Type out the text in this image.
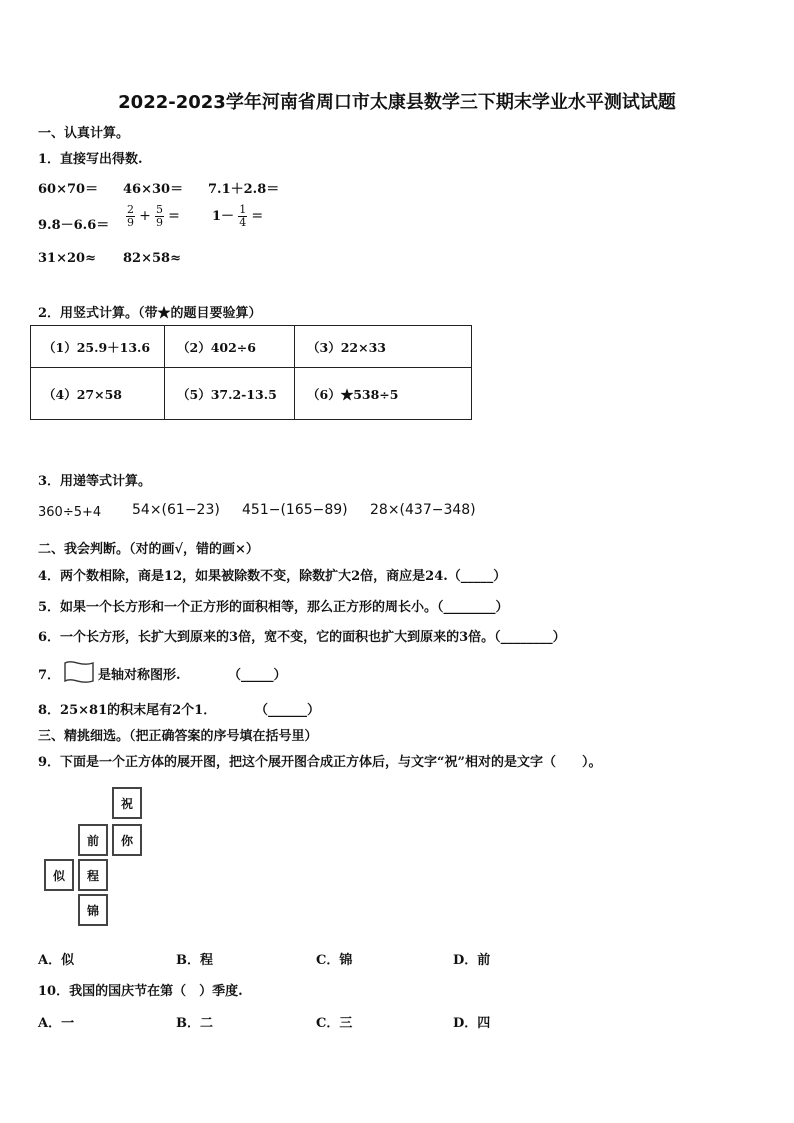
2022-2023学年河南省周口市太康县数学三下期末学业水平测试试题
一、认真计算。
1．直接写出得数.
60×70＝ 46×30＝ 7.1＋2.8＝
$9.8-6.6= \frac{2}{9} + \frac{5}{9} = 1- \frac{1}{4}$ =
31×20≈ 82×58≈
2．用竖式计算。（带★的题目要验算）
（1）25.9＋13.6	（2）402÷6	（3）22×33
（4）27×58	（5）37.2-13.5	（6）★538÷5
3．用递等式计算。
360÷5+4 54×(61−23) 451−(165−89) 28×(437−348)
二、我会判断。（对的画√，错的画×）
4．两个数相除，商是12，如果被除数不变，除数扩大2倍，商应是24.（_____）
5．如果一个长方形和一个正方形的面积相等，那么正方形的周长小。（________）
6．一个长方形，长扩大到原来的3倍，宽不变，它的面积也扩大到原来的3倍。（________）
7．	是轴对称图形.	（_____）
8．25×81的积末尾有2个1．	（______）
三、精挑细选。（把正确答案的序号填在括号里）
9．下面是一个正方体的展开图，把这个展开图合成正方体后，与文字“祝”相对的是文字（　　）。
祝
你
前
程
似
锦
A．似	B．程	C．锦	D．前
10．我国的国庆节在第（　）季度.
A．一	B．二	C．三	D．四
